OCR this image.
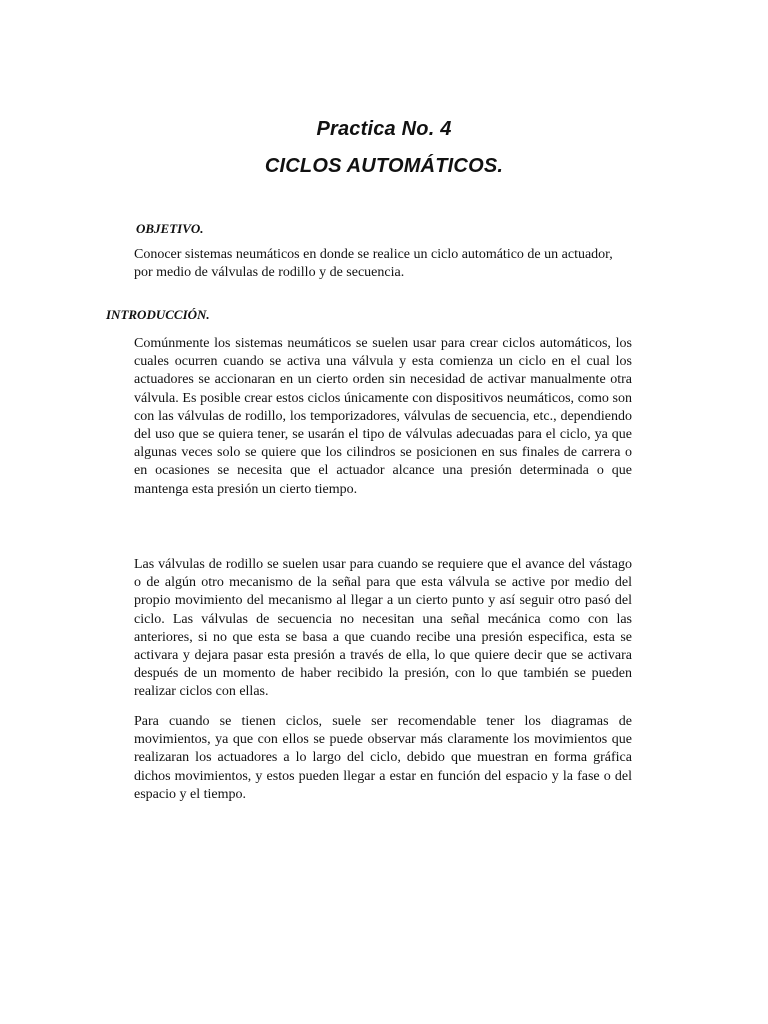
Practica No. 4
CICLOS AUTOMÁTICOS.
OBJETIVO.
Conocer sistemas neumáticos en donde se realice un ciclo automático de un actuador, por medio de válvulas de rodillo y de secuencia.
INTRODUCCIÓN.
Comúnmente los sistemas neumáticos se suelen usar para crear ciclos automáticos, los cuales ocurren cuando se activa una válvula y esta comienza un ciclo en el cual los actuadores se accionaran en un cierto orden sin necesidad de activar manualmente otra válvula. Es posible crear estos ciclos únicamente con dispositivos neumáticos, como son con las válvulas de rodillo, los temporizadores, válvulas de secuencia, etc., dependiendo del uso que se quiera tener, se usarán el tipo de válvulas adecuadas para el ciclo, ya que algunas veces solo se quiere que los cilindros se posicionen en sus finales de carrera o en ocasiones se necesita que el actuador alcance una presión determinada o que mantenga esta presión un cierto tiempo.
Las válvulas de rodillo se suelen usar para cuando se requiere que el avance del vástago o de algún otro mecanismo de la señal para que esta válvula se active por medio del propio movimiento del mecanismo al llegar a un cierto punto y así seguir otro pasó del ciclo. Las válvulas de secuencia no necesitan una señal mecánica como con las anteriores, si no que esta se basa a que cuando recibe una presión especifica, esta se activara y dejara pasar esta presión a través de ella, lo que quiere decir que se activara después de un momento de haber recibido la presión, con lo que también se pueden realizar ciclos con ellas.
Para cuando se tienen ciclos, suele ser recomendable tener los diagramas de movimientos, ya que con ellos se puede observar más claramente los movimientos que realizaran los actuadores a lo largo del ciclo, debido que muestran en forma gráfica dichos movimientos, y estos pueden llegar a estar en función del espacio y la fase o del espacio y el tiempo.
